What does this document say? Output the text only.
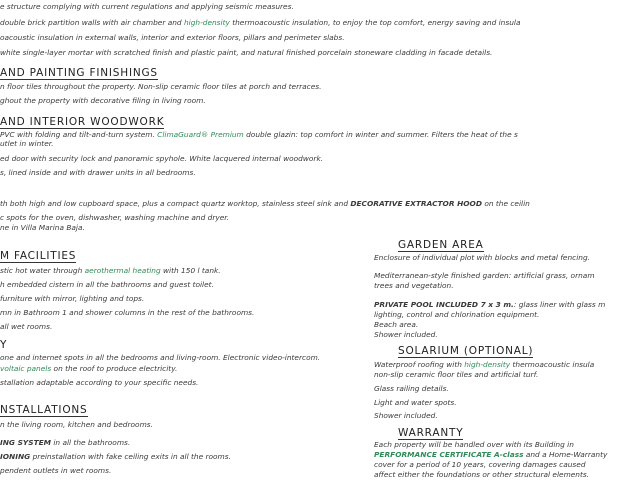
e structure complying with current regulations and applying seismic measures.
double brick partition walls with air chamber and high-density thermoacoustic insulation, to enjoy the top comfort, energy saving and insula
oacoustic insulation in external walls, interior and exterior floors, pillars and perimeter slabs.
white single-layer mortar with scratched finish and plastic paint, and natural finished porcelain stoneware cladding in facade details.
AND PAINTING FINISHINGS
n floor tiles throughout the property. Non-slip ceramic floor tiles at porch and terraces.
ghout the property with decorative filing in living room.
AND INTERIOR WOODWORK
PVC with folding and tilt-and-turn system. ClimaGuard® Premium double glazin: top comfort in winter and summer. Filters the heat of the s
utlet in winter.
ed door with security lock and panoramic spyhole. White lacquered internal woodwork.
s, lined inside and with drawer units in all bedrooms.
th both high and low cupboard space, plus a compact quartz worktop, stainless steel sink and DECORATIVE EXTRACTOR HOOD on the ceilin
c spots for the oven, dishwasher, washing machine and dryer.
ne in Villa Marina Baja.
M FACILITIES
stic hot water through aerothermal heating with 150 l tank.
h embedded cistern in all the bathrooms and guest toilet.
furniture with mirror, lighting and tops.
mn in Bathroom 1 and shower columns in the rest of the bathrooms.
all wet rooms.
Y
one and internet spots in all the bedrooms and living-room. Electronic video-intercom.
voltaic panels on the roof to produce electricity.
stallation adaptable according to your specific needs.
NSTALLATIONS
n the living room, kitchen and bedrooms.
ING SYSTEM in all the bathrooms.
IONING preinstallation with fake ceiling exits in all the rooms.
pendent outlets in wet rooms.
GARDEN AREA
Enclosure of individual plot with blocks and metal fencing.
Mediterranean-style finished garden: artificial grass, ornam
trees and vegetation.
PRIVATE POOL INCLUDED 7 x 3 m.: glass liner with glass m
lighting, control and chlorination equipment.
Beach area.
Shower included.
SOLARIUM (OPTIONAL)
Waterproof roofing with high-density thermoacoustic insula
non-slip ceramic floor tiles and artificial turf.
Glass railing details.
Light and water spots.
Shower included.
WARRANTY
Each property will be handled over with its Building in
PERFORMANCE CERTIFICATE A-class and a Home-Warranty
cover for a period of 10 years, covering damages caused
affect either the foundations or other structural elements.
